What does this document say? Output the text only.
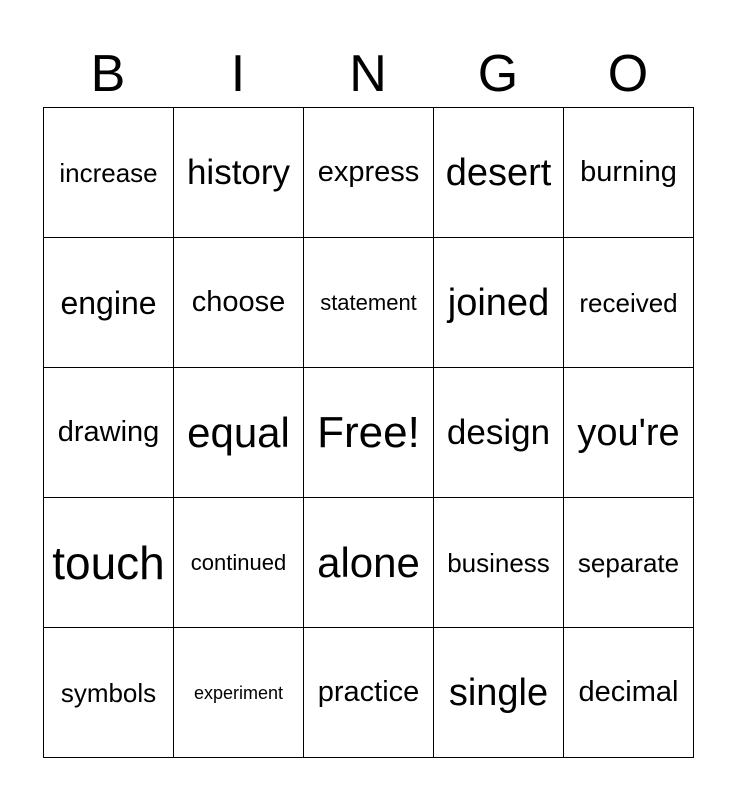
B	I	N	G	O
increase history express desert burning
engine	choose	statement joined	received
drawing equal Free! design you're
touch	continued alone	business	separate
symbols	experiment	practice single	decimal
